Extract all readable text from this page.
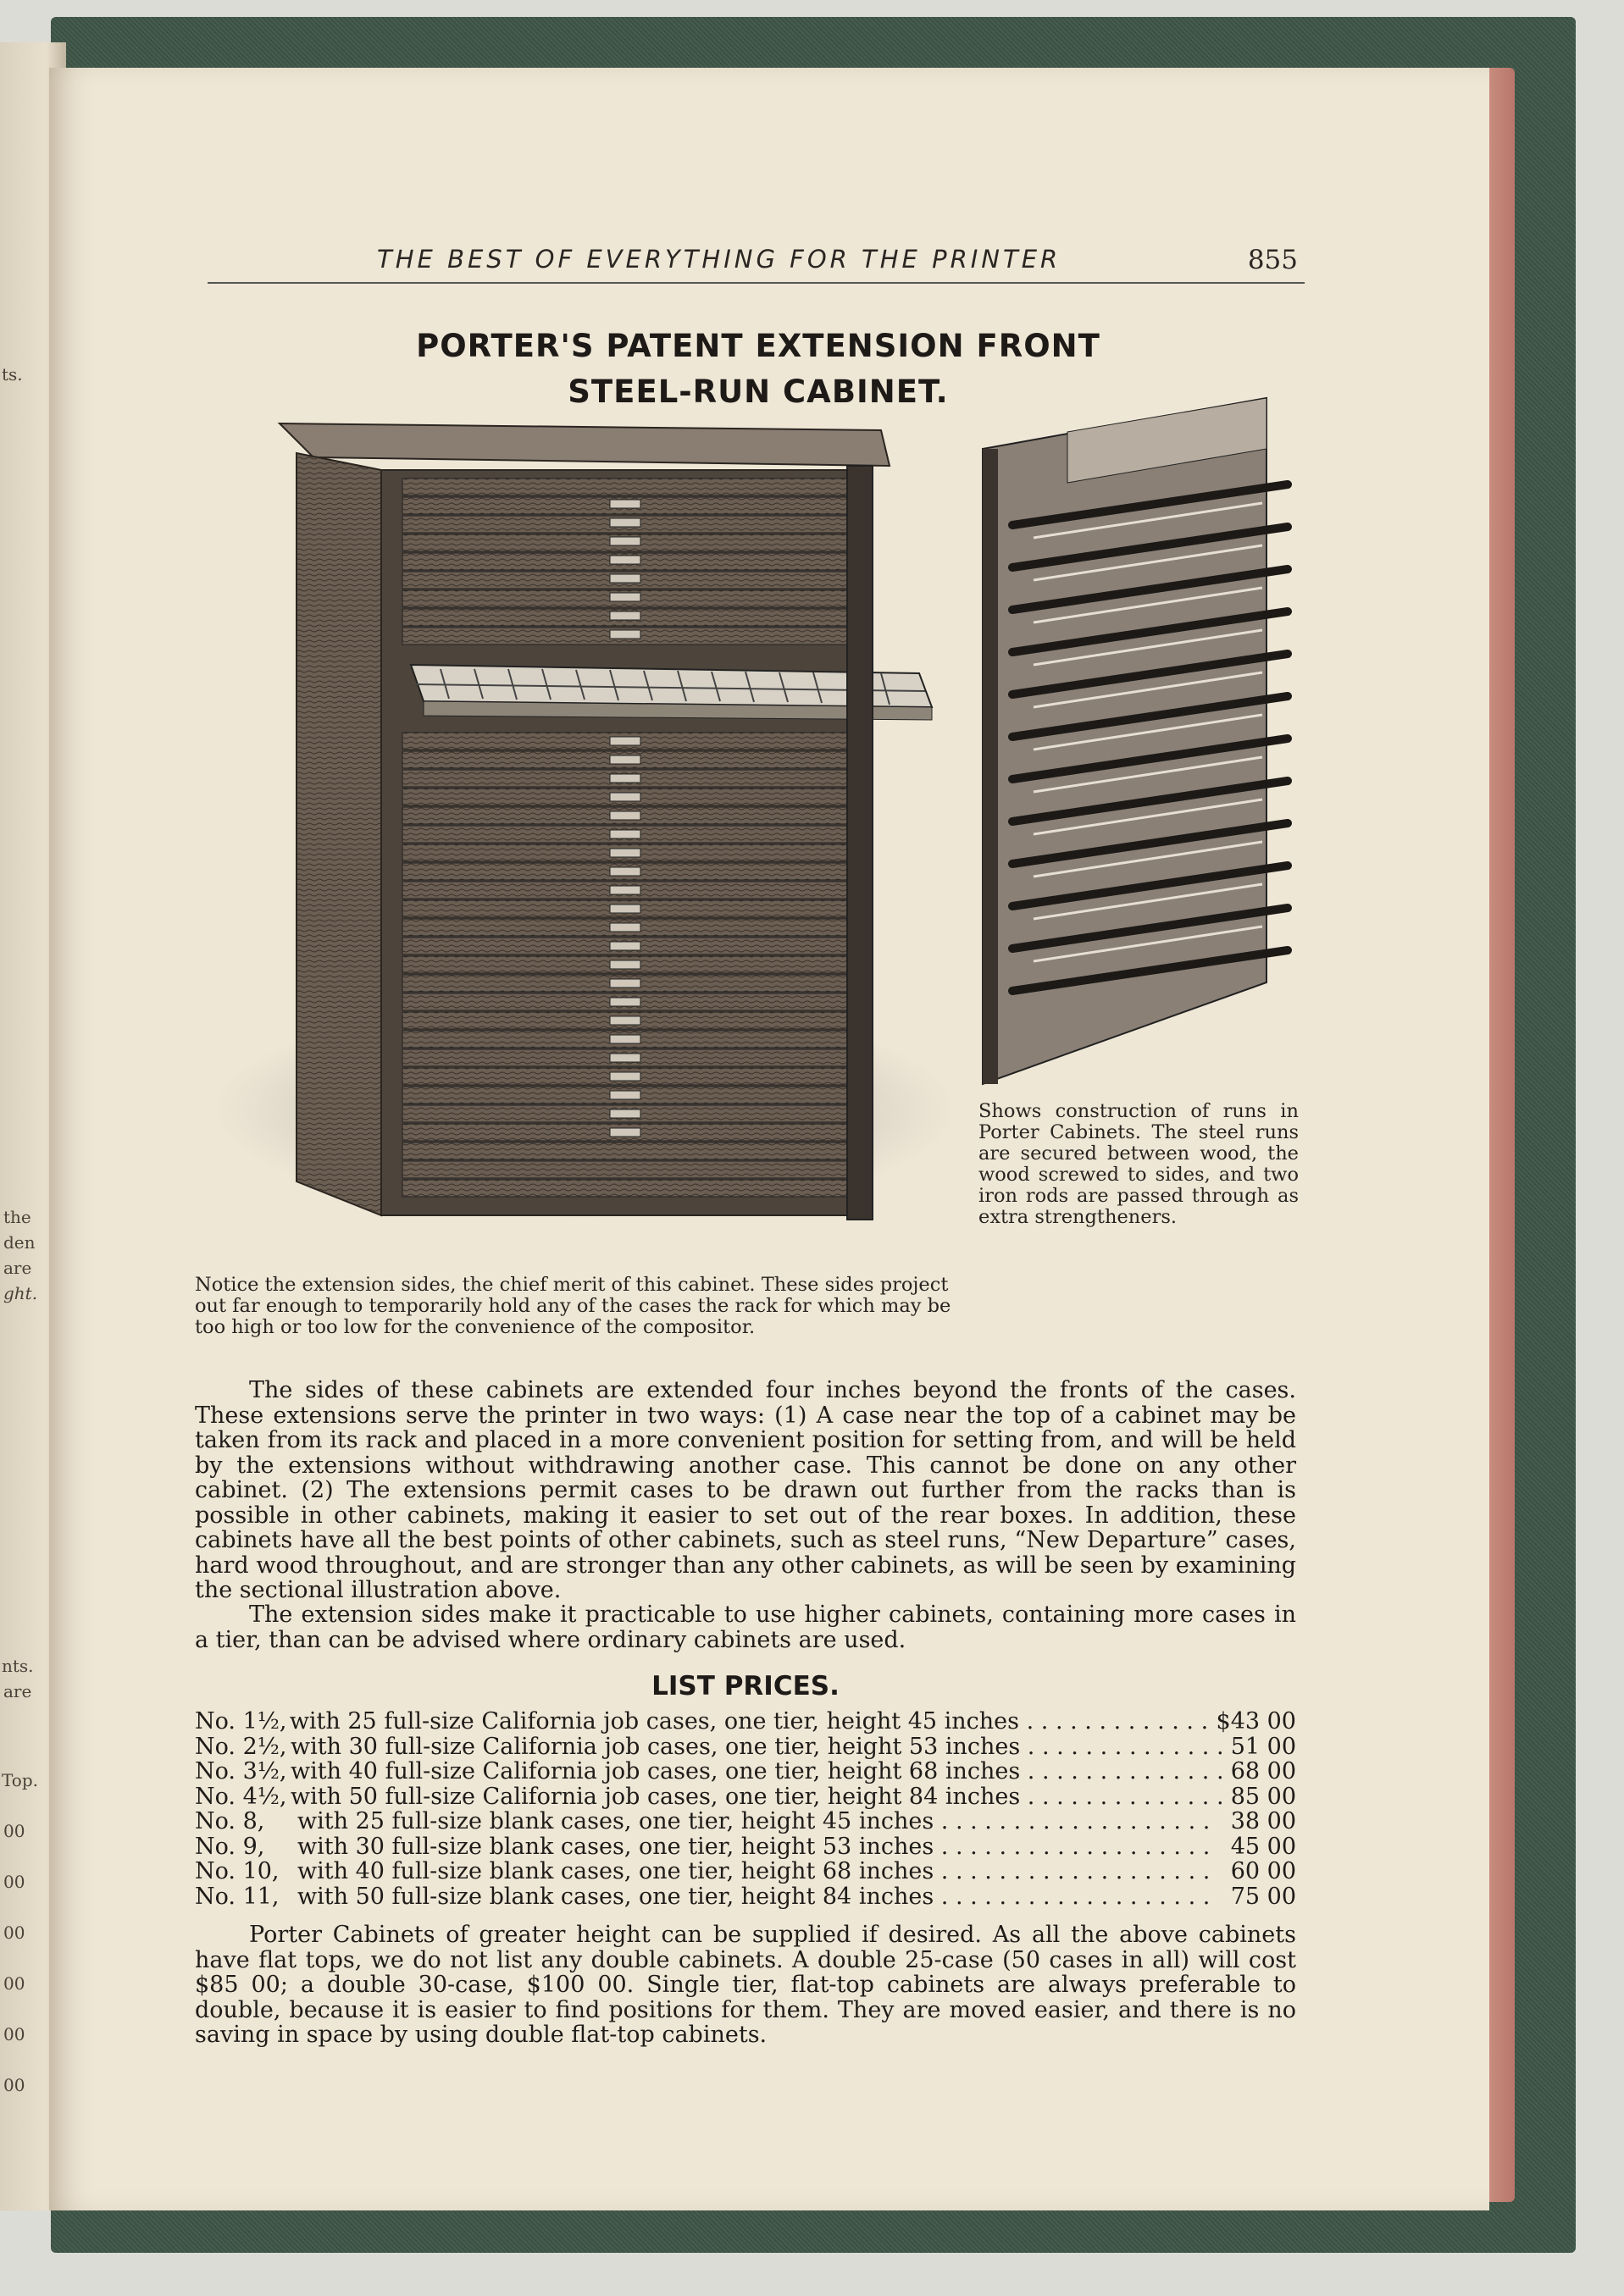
ts.
the
den
are
ght.
nts.
are
Top.
00
00
00
00
00
00
THE BEST OF EVERYTHING FOR THE PRINTER	855
PORTER'S PATENT EXTENSION FRONT
STEEL-RUN CABINET.
Shows construction of runs in Porter Cabinets. The steel runs are secured between wood, the wood screwed to sides, and two iron rods are passed through as extra strengtheners.
Notice the extension sides, the chief merit of this cabinet. These sides project out far enough to temporarily hold any of the cases the rack for which may be too high or too low for the convenience of the compositor.
The sides of these cabinets are extended four inches beyond the fronts of the cases. These extensions serve the printer in two ways: (1) A case near the top of a cabinet may be taken from its rack and placed in a more convenient position for setting from, and will be held by the extensions without withdrawing another case. This cannot be done on any other cabinet. (2) The extensions permit cases to be drawn out further from the racks than is possible in other cabinets, making it easier to set out of the rear boxes. In addition, these cabinets have all the best points of other cabinets, such as steel runs, “New Departure” cases, hard wood throughout, and are stronger than any other cabinets, as will be seen by examining the sectional illustration above.
The extension sides make it practicable to use higher cabinets, containing more cases in a tier, than can be advised where ordinary cabinets are used.
LIST PRICES.
No. 1½, with 25 full-size California job cases, one tier, height 45 inches . . .	$43 00
No. 2½, with 30 full-size California job cases, one tier, height 53 inches . . .	51 00
No. 3½, with 40 full-size California job cases, one tier, height 68 inches . . .	68 00
No. 4½, with 50 full-size California job cases, one tier, height 84 inches . . .	85 00
No. 8,	with 25 full-size blank cases, one tier, height 45 inches . . .	38 00
No. 9,	with 30 full-size blank cases, one tier, height 53 inches . . .	45 00
No. 10, with 40 full-size blank cases, one tier, height 68 inches . . .	60 00
No. 11, with 50 full-size blank cases, one tier, height 84 inches . . .	75 00
Porter Cabinets of greater height can be supplied if desired. As all the above cabinets have flat tops, we do not list any double cabinets. A double 25-case (50 cases in all) will cost $85 00; a double 30-case, $100 00. Single tier, flat-top cabinets are always preferable to double, because it is easier to find positions for them. They are moved easier, and there is no saving in space by using double flat-top cabinets.
